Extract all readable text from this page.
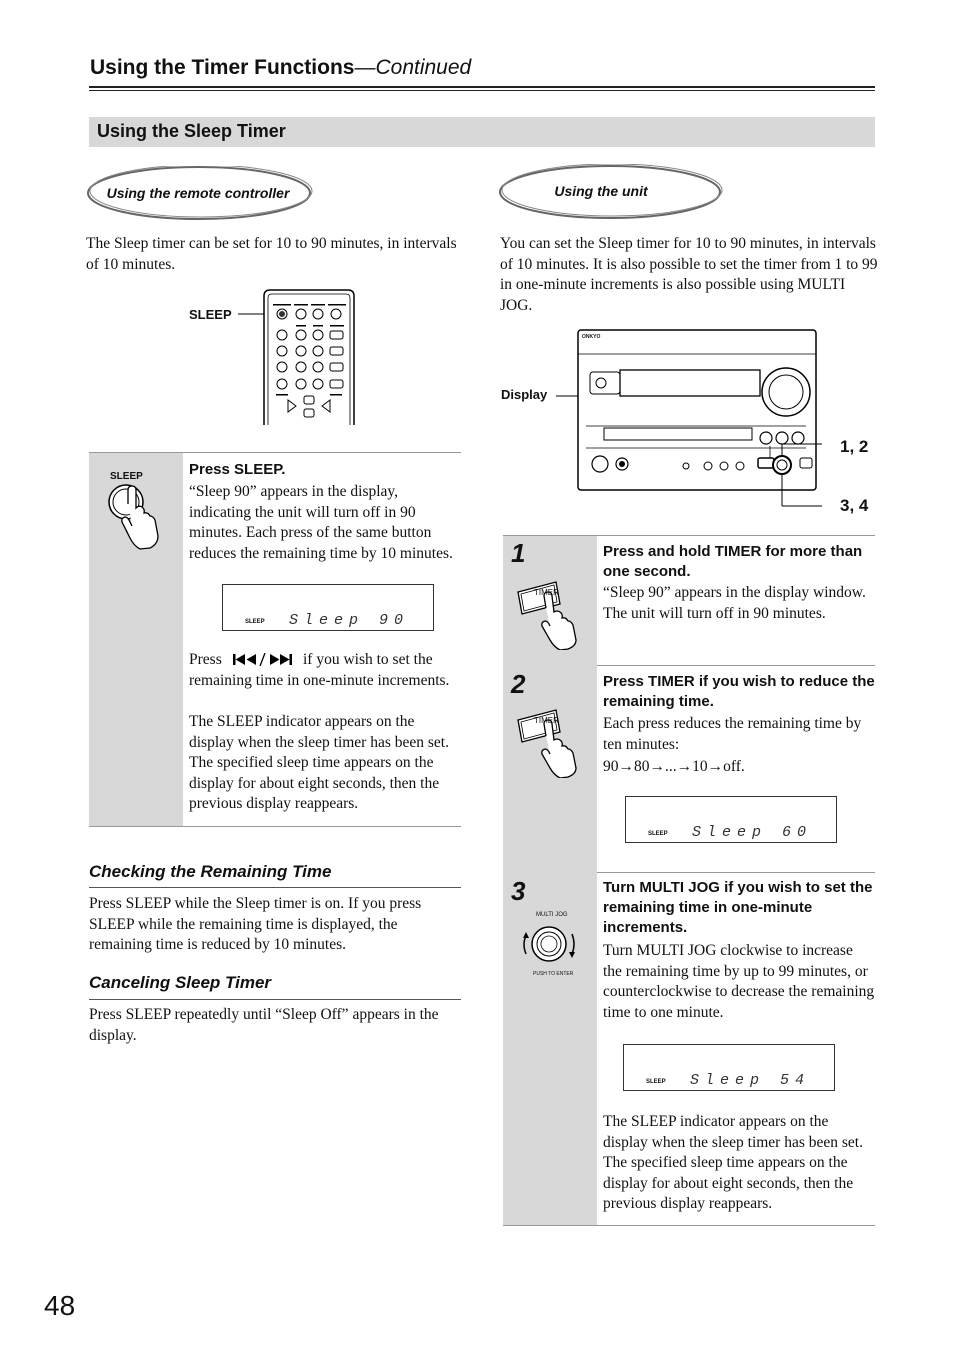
Using the Timer Functions—Continued
Using the Sleep Timer
Using the remote controller
The Sleep timer can be set for 10 to 90 minutes, in intervals of 10 minutes.
SLEEP
SLEEP	Press SLEEP.
“Sleep 90” appears in the display, indicating the unit will turn off in 90 minutes. Each press of the same button reduces the remaining time by 10 minutes.
SLEEP Sleep 90
Press	if you wish to set the remaining time in one-minute increments.
The SLEEP indicator appears on the display when the sleep timer has been set. The specified sleep time appears on the display for about eight seconds, then the previous display reappears.
Checking the Remaining Time
Press SLEEP while the Sleep timer is on. If you press SLEEP while the remaining time is displayed, the remaining time is reduced by 10 minutes.
Canceling Sleep Timer
Press SLEEP repeatedly until “Sleep Off” appears in the display.
Using the unit
You can set the Sleep timer for 10 to 90 minutes, in intervals of 10 minutes. It is also possible to set the timer from 1 to 99 in one-minute increments is also possible using MULTI JOG.
Display
ONKYO
1, 2
3, 4
1
TIMER
Press and hold TIMER for more than one second.
“Sleep 90” appears in the display window. The unit will turn off in 90 minutes.
2
TIMER
Press TIMER if you wish to reduce the remaining time.
Each press reduces the remaining time by ten minutes:
90→80→...→10→off.
SLEEP Sleep 60
3
MULTI JOG
PUSH TO ENTER
Turn MULTI JOG if you wish to set the remaining time in one-minute increments.
Turn MULTI JOG clockwise to increase the remaining time by up to 99 minutes, or counterclockwise to decrease the remaining time to one minute.
SLEEP Sleep 54
The SLEEP indicator appears on the display when the sleep timer has been set. The specified sleep time appears on the display for about eight seconds, then the previous display reappears.
48
